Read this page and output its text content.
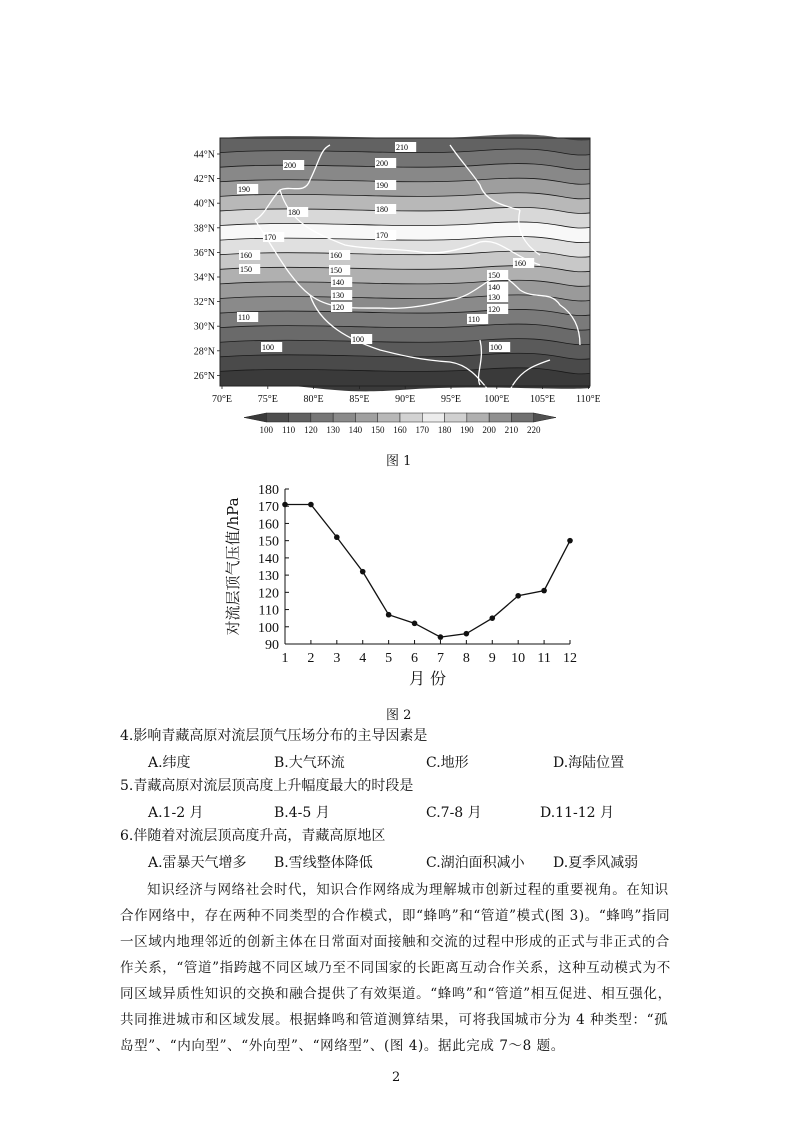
210
200	200
190	190
180	180
170	170
160	160
160
150	150
150
140
140
130	130
120	120
110	110
100
100
100
44°N
42°N
40°N
38°N
36°N
34°N
32°N
30°N
28°N
26°N
70°E	75°E	80°E	85°E	90°E	95°E 100°E 105°E 110°E
100 110 120 130 140 150 160 170 180 190 200 210 220
图 1
180
170
160
150
140
130
120
110
100
90
1 2 3 4 5 6 7 8 9 10 11 12
月 份
对流层顶气压值/hPa
图 2
4.影响青藏高原对流层顶气压场分布的主导因素是
A.纬度	B.大气环流	C.地形	D.海陆位置
5.青藏高原对流层顶高度上升幅度最大的时段是
A.1-2 月	B.4-5 月	C.7-8 月	D.11-12 月
6.伴随着对流层顶高度升高，青藏高原地区
A.雷暴天气增多 B.雪线整体降低	C.湖泊面积减小 D.夏季风减弱

知识经济与网络社会时代，知识合作网络成为理解城市创新过程的重要视角。在知识合作网络中，存在两种不同类型的合作模式，即“蜂鸣”和“管道”模式(图 3)。“蜂鸣”指同一区域内地理邻近的创新主体在日常面对面接触和交流的过程中形成的正式与非正式的合作关系，“管道”指跨越不同区域乃至不同国家的长距离互动合作关系，这种互动模式为不同区域异质性知识的交换和融合提供了有效渠道。“蜂鸣”和“管道”相互促进、相互强化，共同推进城市和区域发展。根据蜂鸣和管道测算结果，可将我国城市分为 4 种类型：“孤岛型”、“内向型”、“外向型”、“网络型”、(图 4)。据此完成 7～8 题。

2
